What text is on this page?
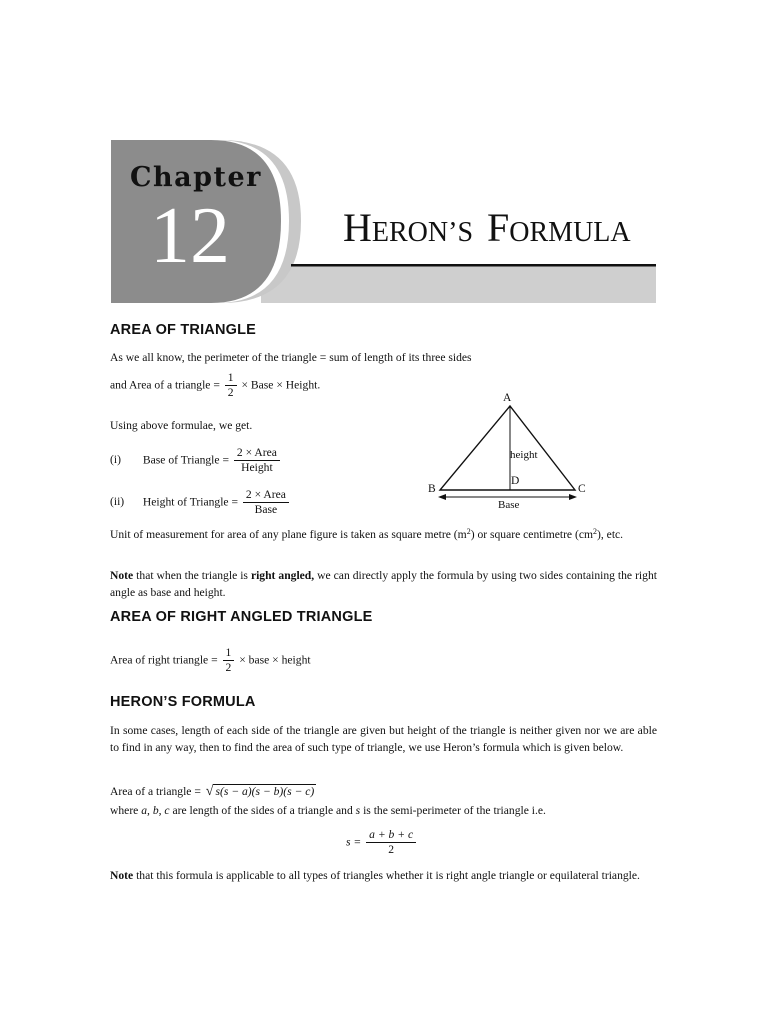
Chapter
12	HERON’S FORMULA
AREA OF TRIANGLE
As we all know, the perimeter of the triangle = sum of length of its three sides
and Area of a triangle = $\frac{1}{2}$ × Base × Height.
Using above formulae, we get.
(i) Base of Triangle = $\frac{\text{2 × Area}}{\text{Height}}$
(ii) Height of Triangle = $\frac{\text{2 × Area}}{\text{Base}}$
A
B	C
D
height
Base
Unit of measurement for area of any plane figure is taken as square metre $(m^2)$ or square centimetre $(cm^2)$, etc.
Note that when the triangle is right angled, we can directly apply the formula by using two sides containing the right angle as base and height.
AREA OF RIGHT ANGLED TRIANGLE
Area of right triangle = $\frac{1}{2}$ × base × height
HERON’S FORMULA
In some cases, length of each side of the triangle are given but height of the triangle is neither given nor we are able to find in any way, then to find the area of such type of triangle, we use Heron’s formula which is given below.
Area of a triangle = √ s(s − a)(s − b)(s − c)
where a, b, c are length of the sides of a triangle and s is the semi-perimeter of the triangle i.e.
$s = \frac{a + b + c}{2}$
Note that this formula is applicable to all types of triangles whether it is right angle triangle or equilateral triangle.
